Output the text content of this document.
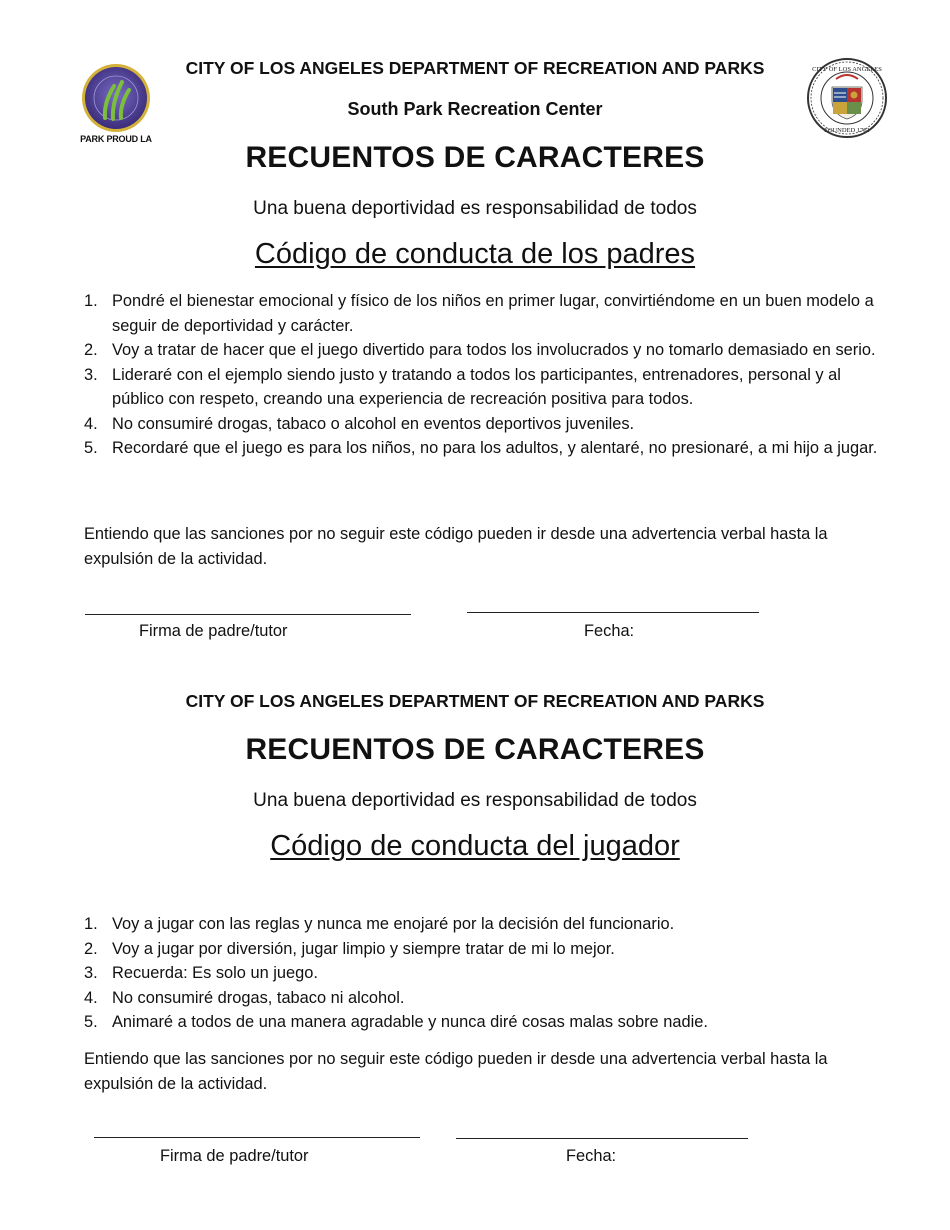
PARK PROUD LA
CITY OF LOS ANGELES
FOUNDED 1781
CITY OF LOS ANGELES DEPARTMENT OF RECREATION AND PARKS
South Park Recreation Center
RECUENTOS DE CARACTERES
Una buena deportividad es responsabilidad de todos
Código de conducta de los padres
1. Pondré el bienestar emocional y físico de los niños en primer lugar, convirtiéndome en un buen modelo a seguir de deportividad y carácter.
2. Voy a tratar de hacer que el juego divertido para todos los involucrados y no tomarlo demasiado en serio.
3. Lideraré con el ejemplo siendo justo y tratando a todos los participantes, entrenadores, personal y al público con respeto, creando una experiencia de recreación positiva para todos.
4. No consumiré drogas, tabaco o alcohol en eventos deportivos juveniles.
5. Recordaré que el juego es para los niños, no para los adultos, y alentaré, no presionaré, a mi hijo a jugar.

Entiendo que las sanciones por no seguir este código pueden ir desde una advertencia verbal hasta la expulsión de la actividad.

Firma de padre/tutor	Fecha:
CITY OF LOS ANGELES DEPARTMENT OF RECREATION AND PARKS
RECUENTOS DE CARACTERES
Una buena deportividad es responsabilidad de todos
Código de conducta del jugador
1. Voy a jugar con las reglas y nunca me enojaré por la decisión del funcionario.
2. Voy a jugar por diversión, jugar limpio y siempre tratar de mi lo mejor.
3. Recuerda: Es solo un juego.
4. No consumiré drogas, tabaco ni alcohol.
5. Animaré a todos de una manera agradable y nunca diré cosas malas sobre nadie.

Entiendo que las sanciones por no seguir este código pueden ir desde una advertencia verbal hasta la expulsión de la actividad.

Firma de padre/tutor	Fecha:
